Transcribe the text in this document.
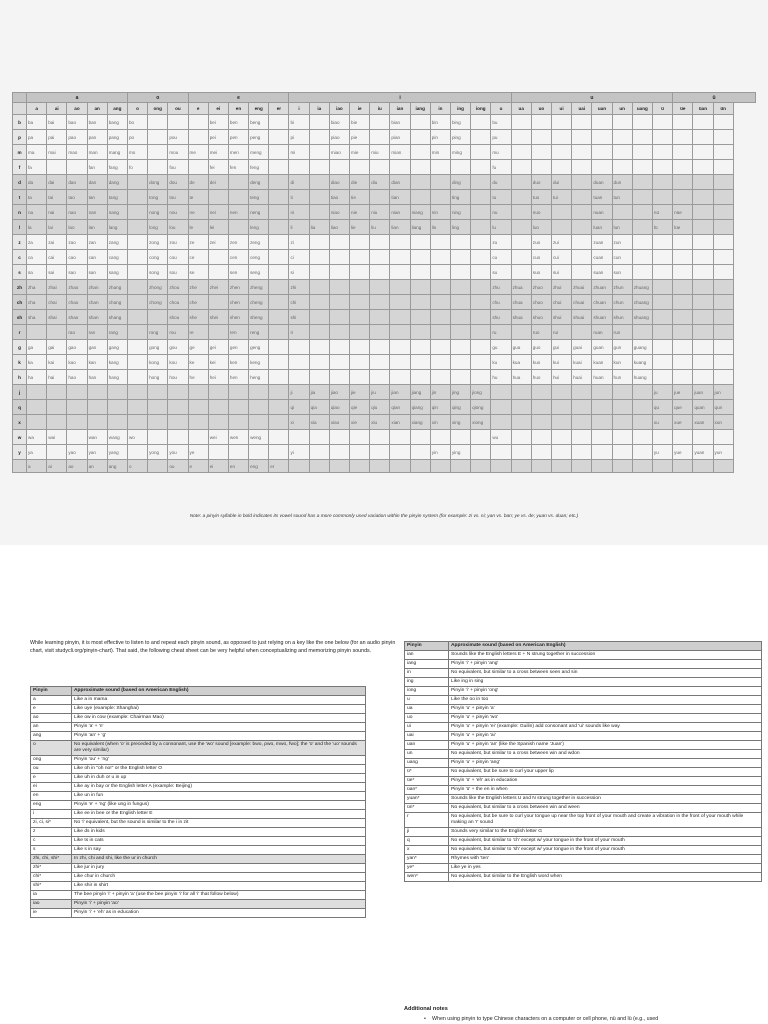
	a					o			e					i											u								ü		
	a	ai	ao	an	ang	o	ong	ou	e	ei	en	eng	er	i	ia	iao	ie	iu	ian	iang	in	ing	iong	u	ua	uo	ui	uai	uan	un	uang	ü	üe	üan	ün
b	ba	bai	bao	ban	bang	bo				bei	ben	beng		bi		biao	bie		bian		bin	bing		bu											
p	pa	pai	pao	pan	pang	po		pou		pei	pen	peng		pi		piao	pie		pian		pin	ping		pu											
m	ma	mai	mao	man	mang	mo		mou	me	mei	men	meng		mi		miao	mie	miu	mian		min	ming		mu											
f	fa			fan	fang	fo		fou		fei	fen	feng												fu											
d	da	dai	dao	dan	dang		dong	dou	de	dei		deng		di		diao	die	diu	dian			ding		du		duo	dui		duan	dun					
t	ta	tai	tao	tan	tang		tong	tou	te			teng		ti		tiao	tie		tian			ting		tu		tuo	tui		tuan	tun					
n	na	nai	nao	nan	nang		nong	nou	ne	nei	nen	neng		ni		niao	nie	niu	nian	niang	nin	ning		nu		nuo			nuan			nü	nüe		
l	la	lai	lao	lan	lang		long	lou	le	lei		leng		li	lia	liao	lie	liu	lian	liang	lin	ling		lu		luo			luan	lun		lü	lüe		
z	za	zai	zao	zan	zang		zong	zou	ze	zei	zen	zeng		zi										zu		zuo	zui		zuan	zun					
c	ca	cai	cao	can	cang		cong	cou	ce		cen	ceng		ci										cu		cuo	cui		cuan	cun					
s	sa	sai	sao	san	sang		song	sou	se		sen	seng		si										su		suo	sui		suan	sun					
zh	zha	zhai	zhao	zhan	zhang		zhong	zhou	zhe	zhei	zhen	zheng		zhi										zhu	zhua	zhuo	zhui	zhuai	zhuan	zhun	zhuang				
ch	cha	chai	chao	chan	chang		chong	chou	che		chen	cheng		chi										chu	chua	chuo	chui	chuai	chuan	chun	chuang				
sh	sha	shai	shao	shan	shang			shou	she	shei	shen	sheng		shi										shu	shua	shuo	shui	shuai	shuan	shun	shuang				
r			rao	ran	rang		rong	rou	re		ren	reng		ri										ru		ruo	rui		ruan	run					
g	ga	gai	gao	gan	gang		gong	gou	ge	gei	gen	geng												gu	gua	guo	gui	guai	guan	gun	guang				
k	ka	kai	kao	kan	kang		kong	kou	ke	kei	ken	keng												ku	kua	kuo	kui	kuai	kuan	kun	kuang				
h	ha	hai	hao	han	hang		hong	hou	he	hei	hen	heng												hu	hua	huo	hui	huai	huan	hun	huang				
j														ji	jia	jiao	jie	jiu	jian	jiang	jin	jing	jiong									ju	jue	juan	jun
q														qi	qia	qiao	qie	qiu	qian	qiang	qin	qing	qiong									qu	que	quan	qun
x														xi	xia	xiao	xie	xiu	xian	xiang	xin	xing	xiong									xu	xue	xuan	xun
w	wa	wai		wan	wang	wo				wei	wen	weng												wu											
y	ya		yao	yan	yang		yong	you	ye					yi							yin	ying										yu	yue	yuan	yun
	a	ai	ao	an	ang	o		ou	e	ei	en	eng	er																						
Note: a pinyin syllable in bold indicates its vowel sound has a more commonly used variation within the pinyin system (for example: zi vs. ni; yan vs. ban; ye vs. de; yuan vs. duan; etc.)
While learning pinyin, it is most effective to listen to and repeat each pinyin sound, as opposed to just relying on a key like the one below (for an audio pinyin chart, visit studycli.org/pinyin-chart). That said, the following cheat sheet can be very helpful when conceptualizing and memorizing pinyin sounds.
Pinyin	Approximate sound (based on American English)
a	Like a in mama
e	Like uye (example: Shanghai)
ao	Like ow in cow (example: Chairman Mao)
an	Pinyin 'a' + 'n'
ang	Pinyin 'an' + 'g'
o	No equivalent (when 'o' is preceded by a consonant, use the 'wo' sound [example: bwo, pwo, mwo, fwo]; the 'o' and the 'uo' sounds are very similar)
ong	Pinyin 'ou' + 'ng'
ou	Like oh in "oh no!" or the English letter O
e	Like uh in duh or u in up
ei	Like ay in bay or the English letter A (example: Beijing)
en	Like un in fun
eng	Pinyin 'e' + 'ng' (like ung in fungus)
i	Like ee in bee or the English letter E
zi, ci, si*	No 'i' equivalent, but the sound is similar to the i in zit
z	Like ds in kids
c	Like ts in cats
s	Like s in say
zhi, chi, shi*	In zhi, chi and shi, like the ur in church
zhi*	Like jur in jury
chi*	Like chur in church
shi*	Like shir in shirt
ia	The bee pinyin 'i' + pinyin 'a' (use the bee pinyin 'i' for all 'i' that follow below)
iao	Pinyin 'i' + pinyin 'ao'
ie	Pinyin 'i' + 'eh' as in education
Pinyin	Approximate sound (based on American English)
ian	Sounds like the English letters E + N strung together in succession
iang	Pinyin 'i' + pinyin 'ang'
in	No equivalent, but similar to a cross between seen and sin
ing	Like ing in sing
iong	Pinyin 'i' + pinyin 'ong'
u	Like the oo in too
ua	Pinyin 'u' + pinyin 'a'
uo	Pinyin 'u' + pinyin 'wo'
ui	Pinyin 'u' + pinyin 'ei' (example: Guilin) add consonant and 'ui' sounds like way
uai	Pinyin 'u' + pinyin 'ai'
uan	Pinyin 'u' + pinyin 'an' (like the Spanish name 'Juan')
un	No equivalent, but similar to a cross between win and wdon
uang	Pinyin 'u' + pinyin 'ang'
ü*	No equivalent, but be sure to curl your upper lip
üe*	Pinyin 'ü' + 'eh' as in education
üan*	Pinyin 'ü' + the en in when
yuan*	Sounds like the English letters U and N strung together in succession
ün*	No equivalent, but similar to a cross between win and ween
r	No equivalent, but be sure to curl your tongue up near the top front of your mouth and create a vibration in the front of your mouth while making an 'r' sound
ji	Sounds very similar to the English letter G
q	No equivalent, but similar to 'ch' except w/ your tongue in the front of your mouth
x	No equivalent, but similar to 'sh' except w/ your tongue in the front of your mouth
yan*	Rhymes with 'ten'
ye*	Like ye in yes
wen*	No equivalent, but similar to the English word when
Additional notes
• When using pinyin to type Chinese characters on a computer or cell phone, nü and lü (e.g., used
